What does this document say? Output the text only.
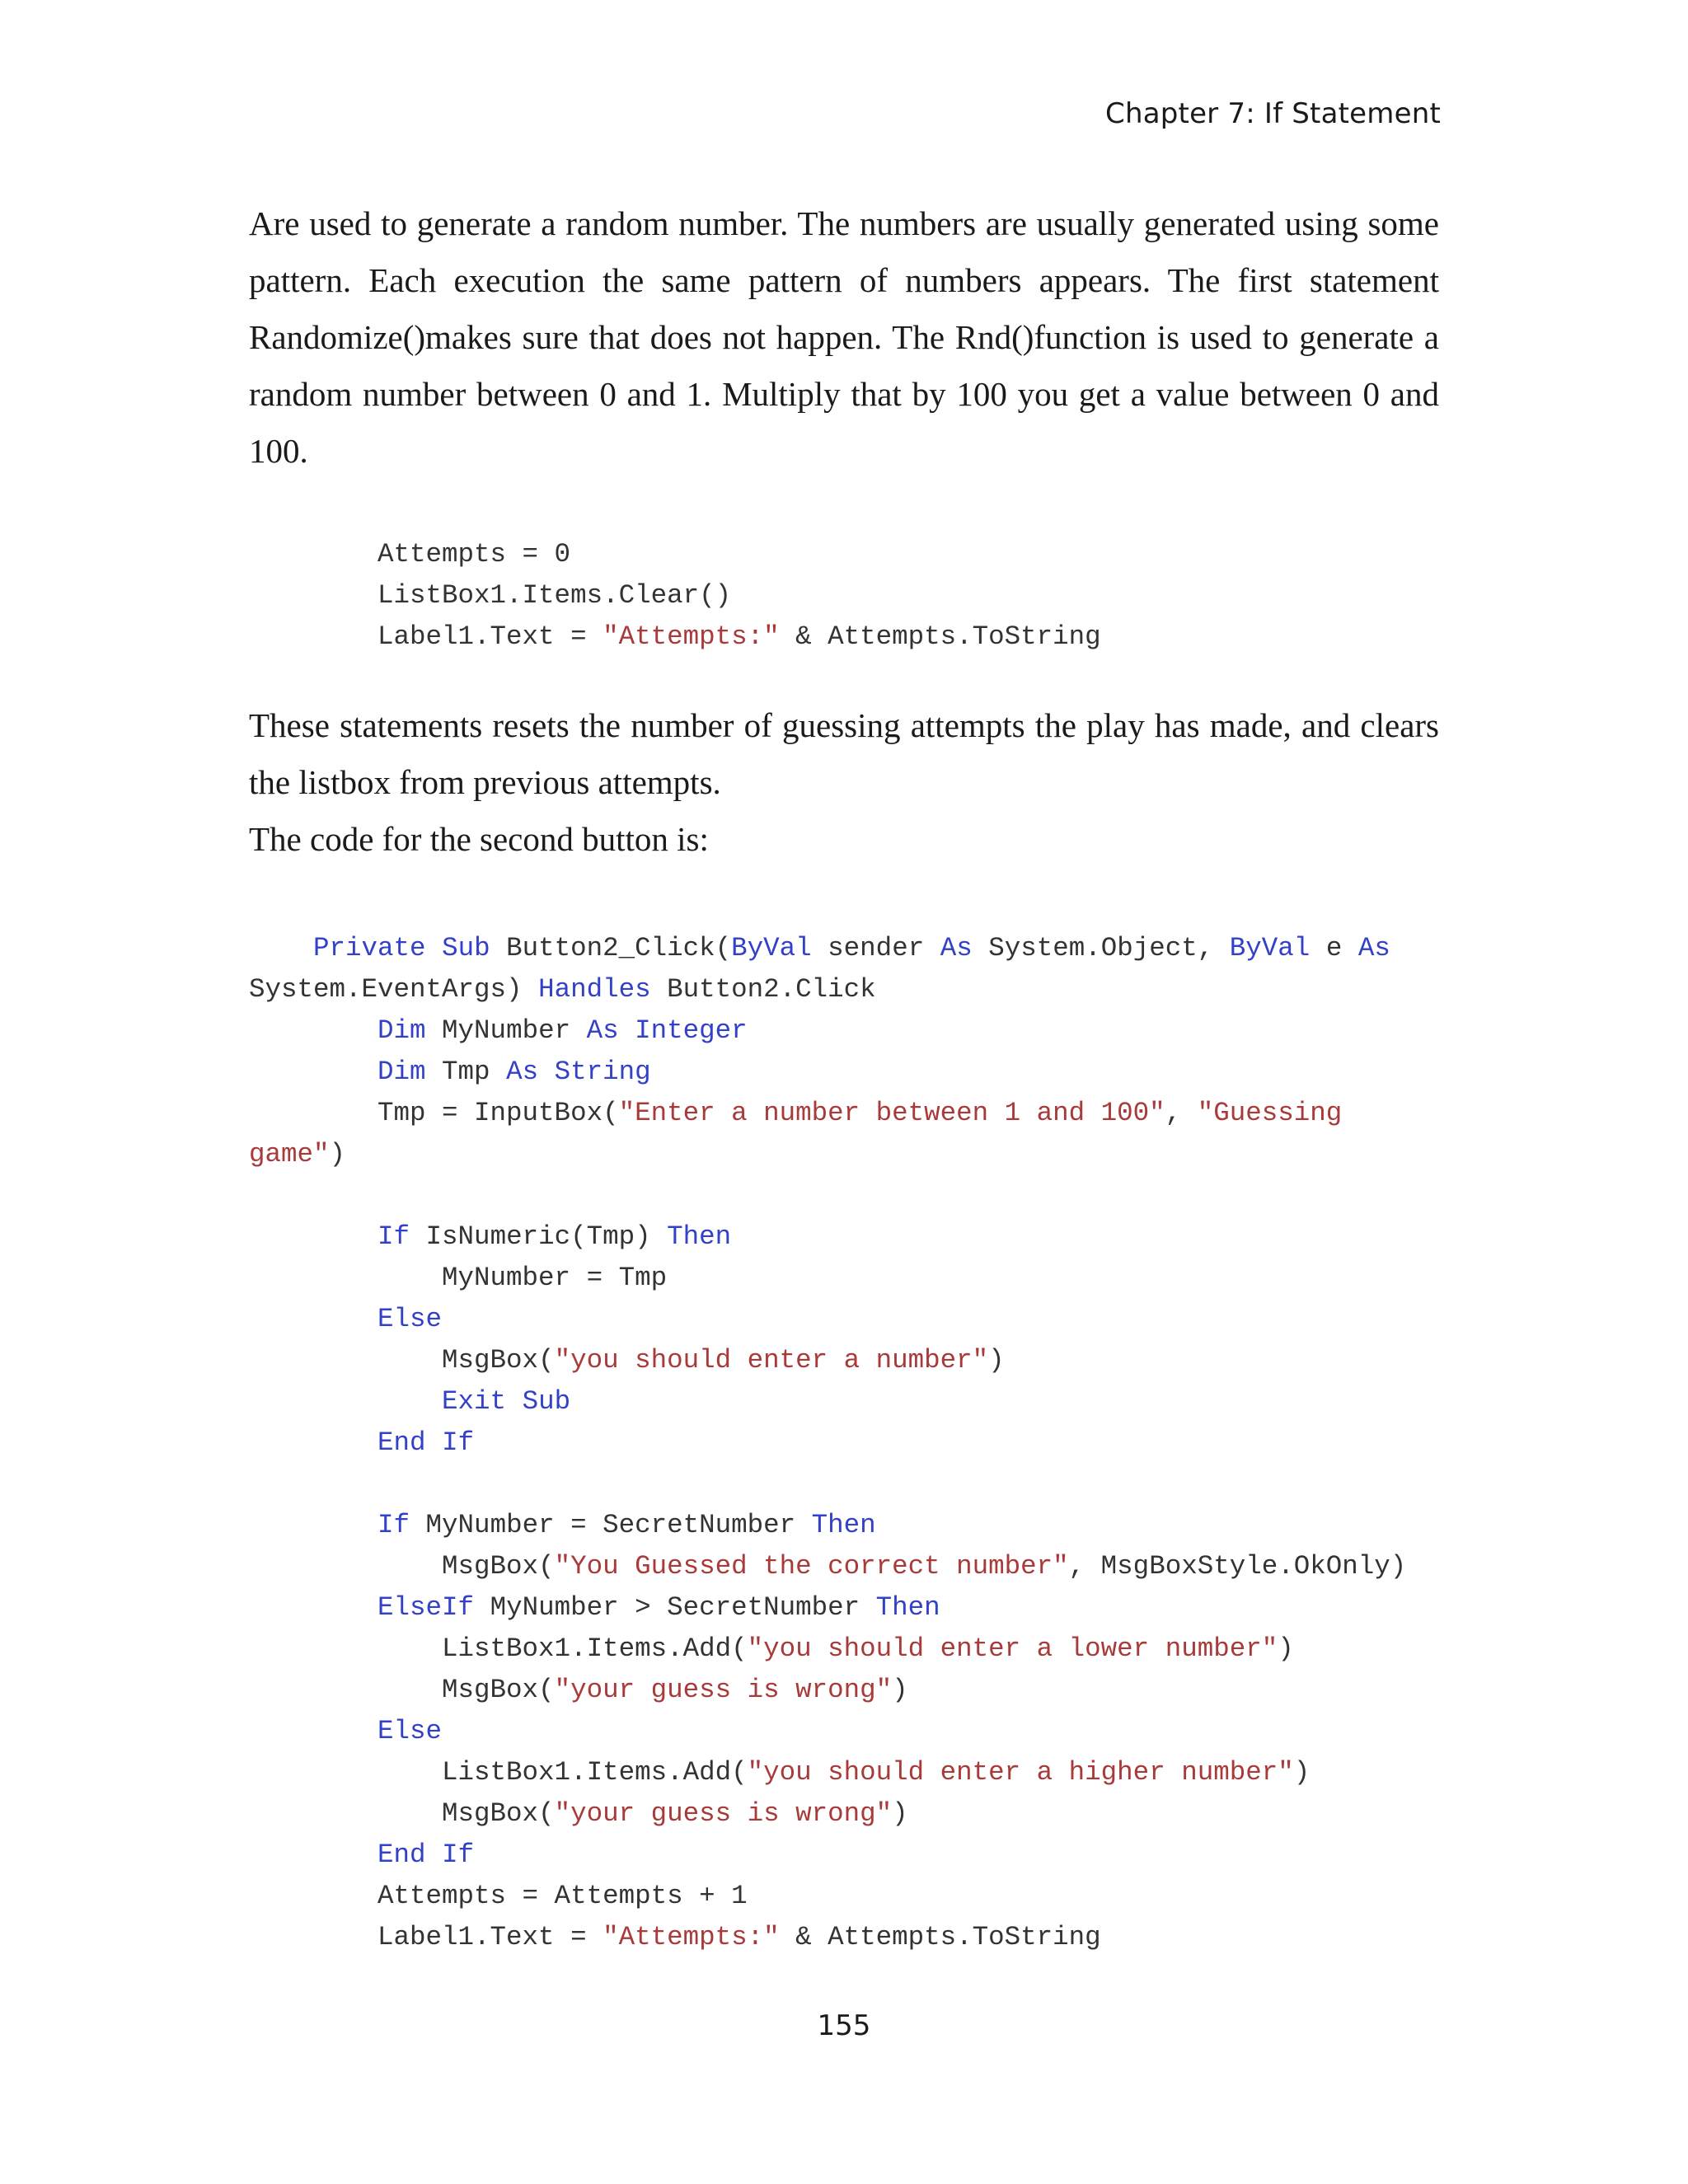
Chapter 7: If Statement

Are used to generate a random number. The numbers are usually generated using some pattern. Each execution the same pattern of numbers appears. The first statement Randomize()makes sure that does not happen. The Rnd()function is used to generate a random number between 0 and 1. Multiply that by 100 you get a value between 0 and 100.

Attempts = 0
ListBox1.Items.Clear()
Label1.Text = "Attempts:" & Attempts.ToString

These statements resets the number of guessing attempts the play has made, and clears the listbox from previous attempts.

The code for the second button is:

Private Sub Button2_Click(ByVal sender As System.Object, ByVal e As
System.EventArgs) Handles Button2.Click
Dim MyNumber As Integer
Dim Tmp As String
Tmp = InputBox("Enter a number between 1 and 100", "Guessing
game")
If IsNumeric(Tmp) Then
MyNumber = Tmp
Else
MsgBox("you should enter a number")
Exit Sub
End If
If MyNumber = SecretNumber Then
MsgBox("You Guessed the correct number", MsgBoxStyle.OkOnly)
ElseIf MyNumber > SecretNumber Then
ListBox1.Items.Add("you should enter a lower number")
MsgBox("your guess is wrong")
Else
ListBox1.Items.Add("you should enter a higher number")
MsgBox("your guess is wrong")
End If
Attempts = Attempts + 1
Label1.Text = "Attempts:" & Attempts.ToString
155
